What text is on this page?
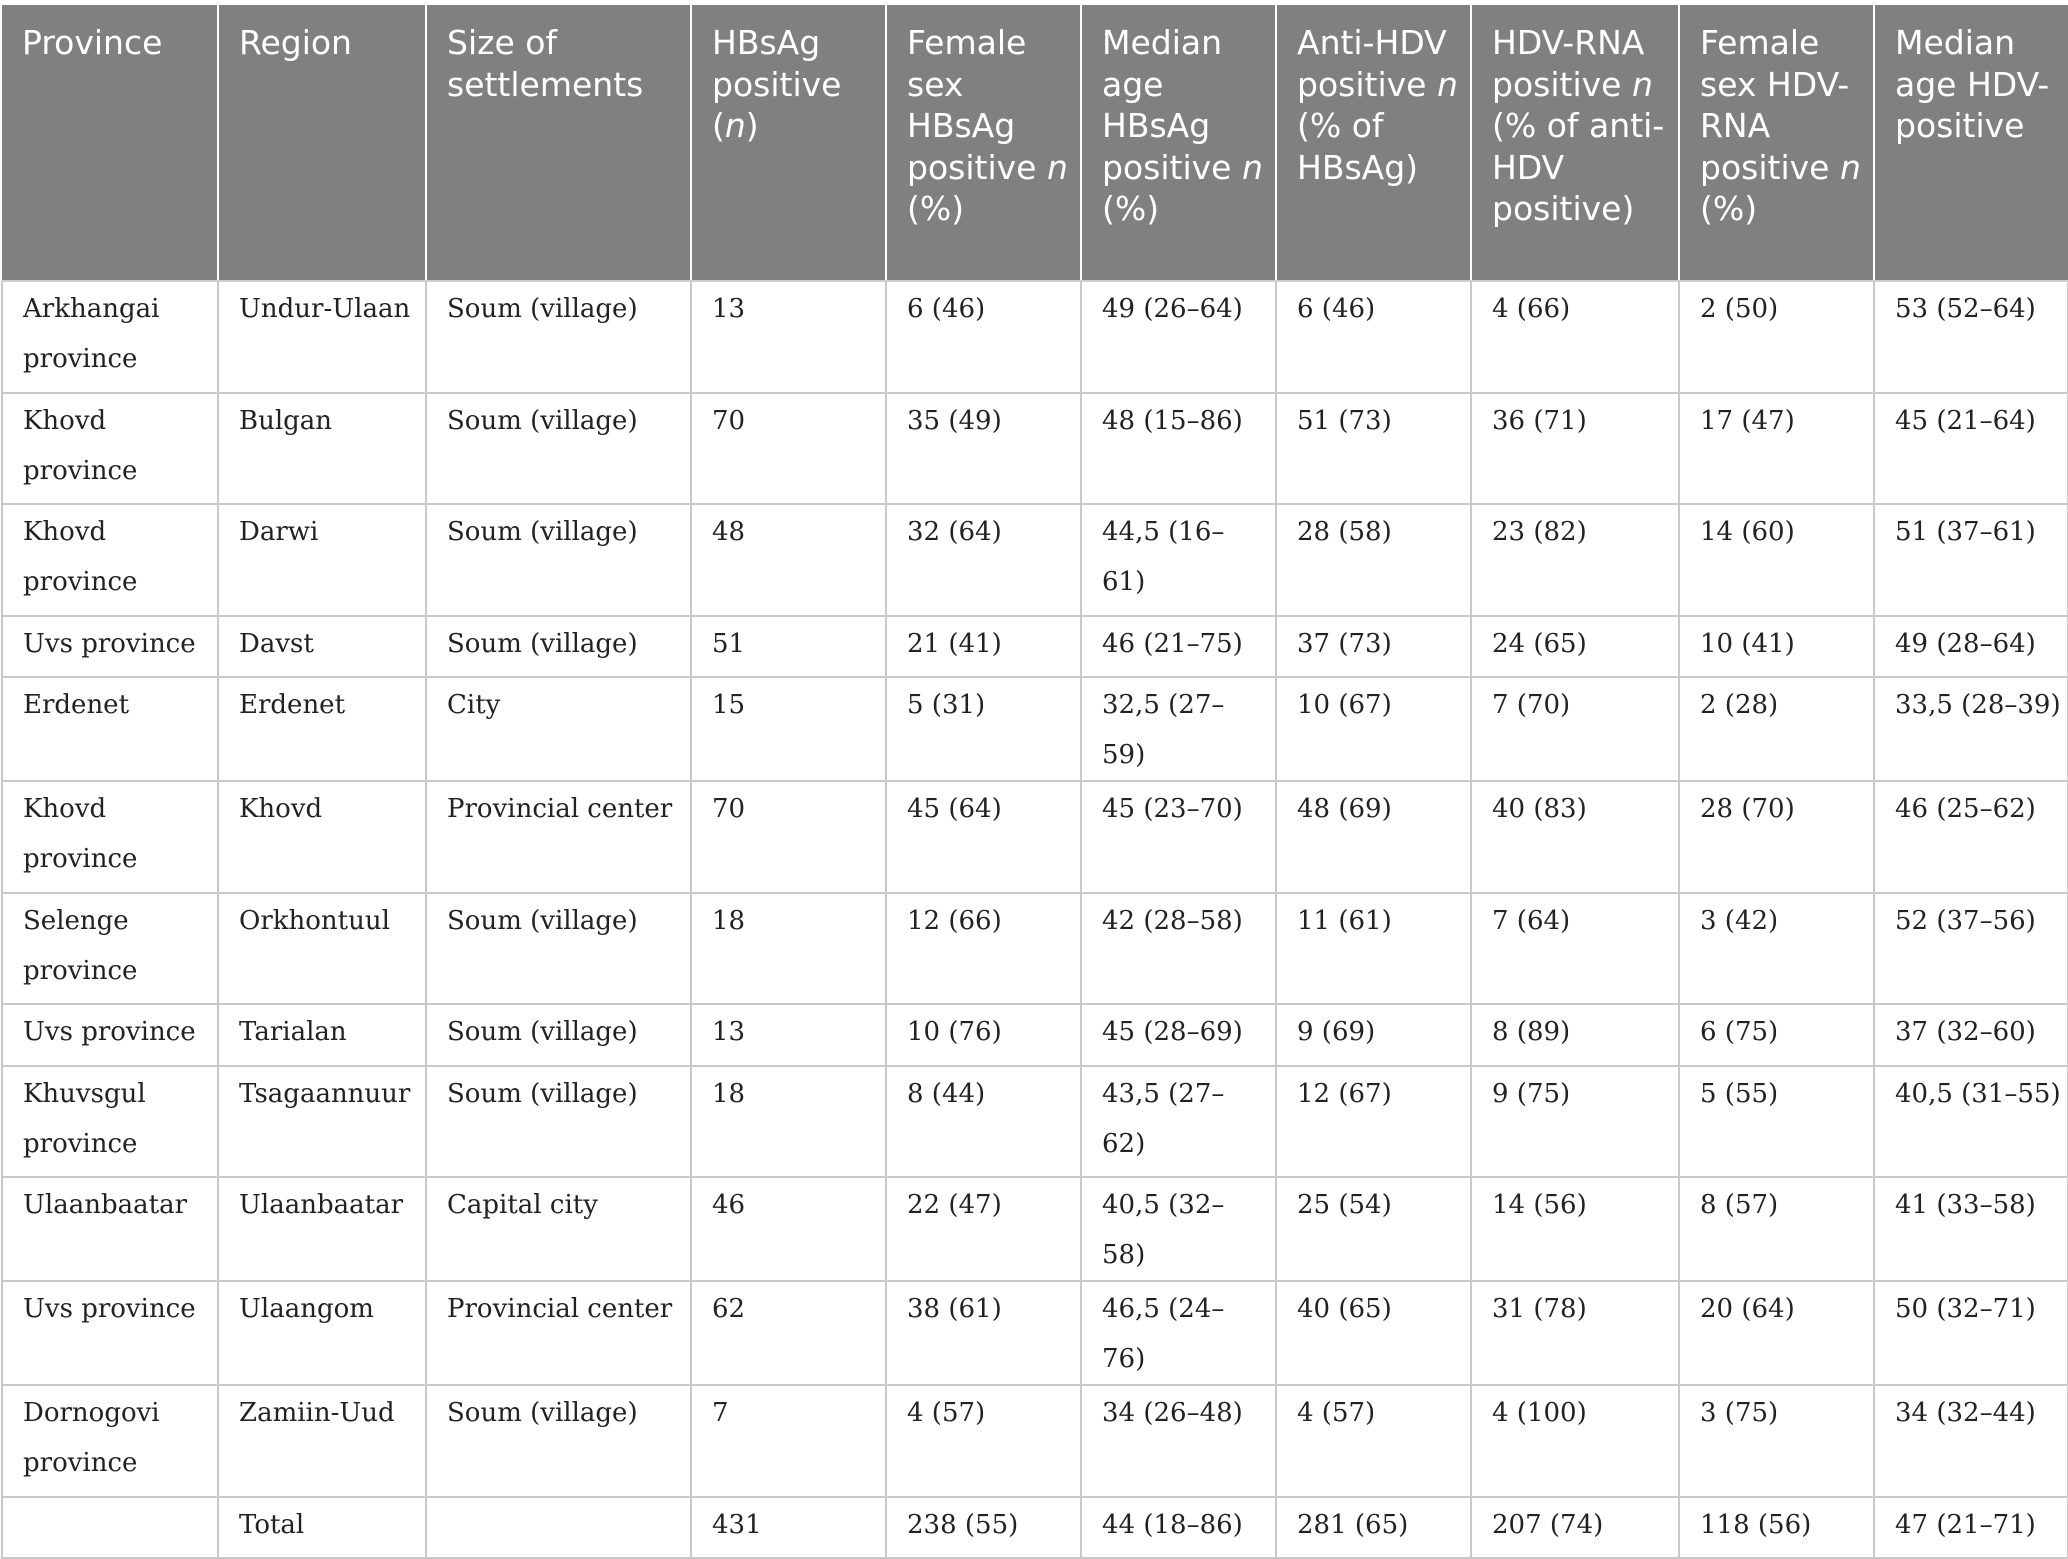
Province	Region	Size of settlements	HBsAg positive (n)	Female sex HBsAg positive n (%)	Median age HBsAg positive n (%)	Anti-HDV positive n (% of HBsAg)	HDV-RNA positive n (% of anti-HDV positive)	Female sex HDV-RNA positive n (%)	Median age HDV-positive
Arkhangai province	Undur-Ulaan	Soum (village)	13	6 (46)	49 (26–64)	6 (46)	4 (66)	2 (50)	53 (52–64)
Khovd province	Bulgan	Soum (village)	70	35 (49)	48 (15–86)	51 (73)	36 (71)	17 (47)	45 (21–64)
Khovd province	Darwi	Soum (village)	48	32 (64)	44,5 (16–61)	28 (58)	23 (82)	14 (60)	51 (37–61)
Uvs province	Davst	Soum (village)	51	21 (41)	46 (21–75)	37 (73)	24 (65)	10 (41)	49 (28–64)
Erdenet	Erdenet	City	15	5 (31)	32,5 (27–59)	10 (67)	7 (70)	2 (28)	33,5 (28–39)
Khovd province	Khovd	Provincial center	70	45 (64)	45 (23–70)	48 (69)	40 (83)	28 (70)	46 (25–62)
Selenge province	Orkhontuul	Soum (village)	18	12 (66)	42 (28–58)	11 (61)	7 (64)	3 (42)	52 (37–56)
Uvs province	Tarialan	Soum (village)	13	10 (76)	45 (28–69)	9 (69)	8 (89)	6 (75)	37 (32–60)
Khuvsgul province	Tsagaannuur	Soum (village)	18	8 (44)	43,5 (27–62)	12 (67)	9 (75)	5 (55)	40,5 (31–55)
Ulaanbaatar	Ulaanbaatar	Capital city	46	22 (47)	40,5 (32–58)	25 (54)	14 (56)	8 (57)	41 (33–58)
Uvs province	Ulaangom	Provincial center	62	38 (61)	46,5 (24–76)	40 (65)	31 (78)	20 (64)	50 (32–71)
Dornogovi province	Zamiin-Uud	Soum (village)	7	4 (57)	34 (26–48)	4 (57)	4 (100)	3 (75)	34 (32–44)
	Total		431	238 (55)	44 (18–86)	281 (65)	207 (74)	118 (56)	47 (21–71)
